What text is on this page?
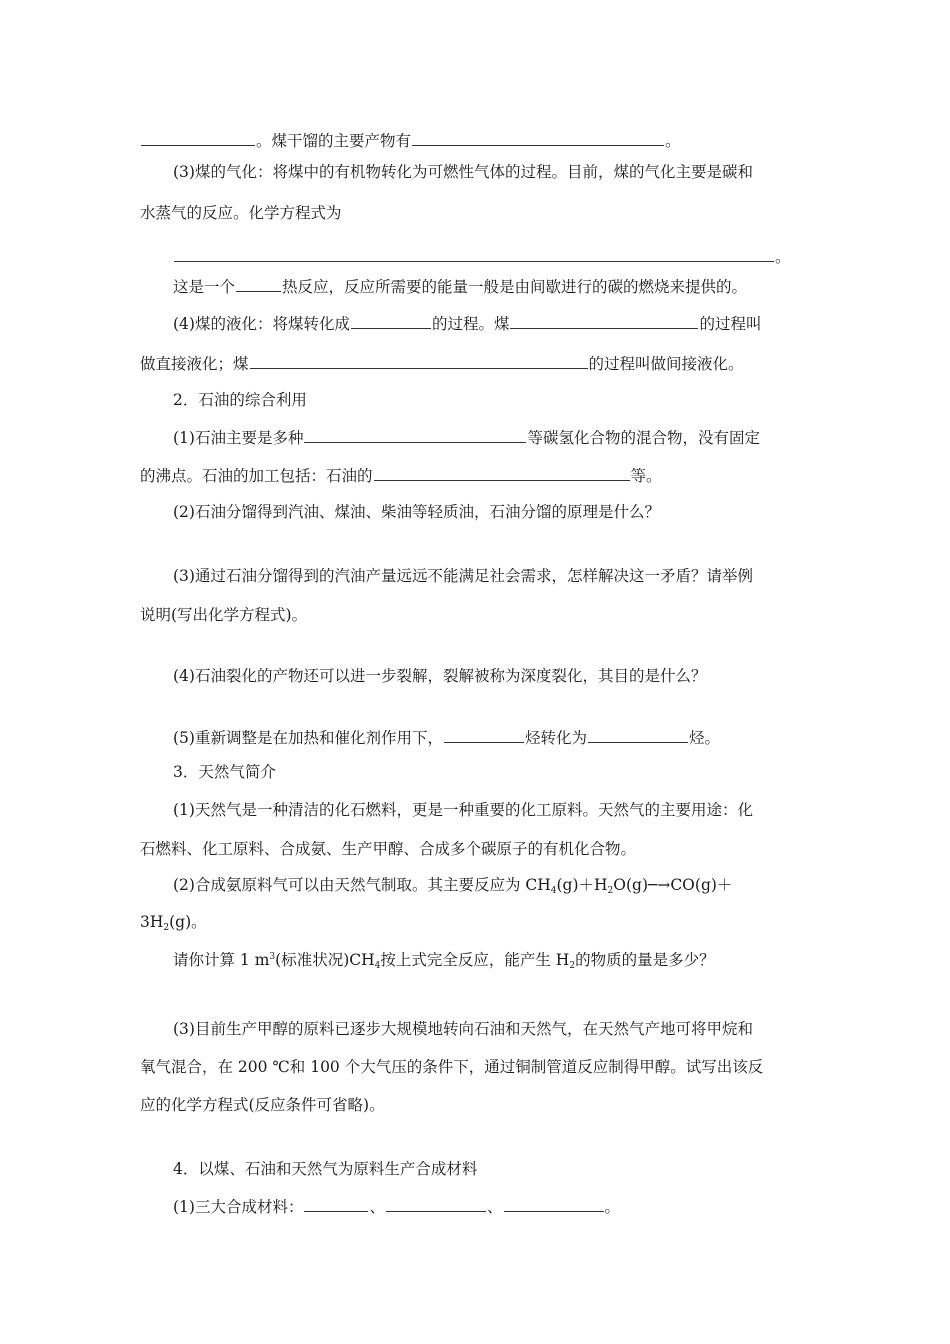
。煤干馏的主要产物有	。
(3)煤的气化：将煤中的有机物转化为可燃性气体的过程。目前，煤的气化主要是碳和
水蒸气的反应。化学方程式为
。
这是一个	热反应，反应所需要的能量一般是由间歇进行的碳的燃烧来提供的。
(4)煤的液化：将煤转化成	的过程。煤	的过程叫
做直接液化；煤	的过程叫做间接液化。
2．石油的综合利用
(1)石油主要是多种	等碳氢化合物的混合物，没有固定
的沸点。石油的加工包括：石油的	等。
(2)石油分馏得到汽油、煤油、柴油等轻质油，石油分馏的原理是什么？
(3)通过石油分馏得到的汽油产量远远不能满足社会需求，怎样解决这一矛盾？请举例
说明(写出化学方程式)。
(4)石油裂化的产物还可以进一步裂解，裂解被称为深度裂化，其目的是什么？
(5)重新调整是在加热和催化剂作用下，	烃转化为	烃。
3．天然气简介
(1)天然气是一种清洁的化石燃料，更是一种重要的化工原料。天然气的主要用途：化
石燃料、化工原料、合成氨、生产甲醇、合成多个碳原子的有机化合物。
(2)合成氨原料气可以由天然气制取。其主要反应为 $CH_4(g)+H_2O(g)─\to CO(g)+$
$3H_2(g)$。
请你计算 1 $m^3$(标准状况)$CH_4$按上式完全反应，能产生 $H_2$的物质的量是多少？
(3)目前生产甲醇的原料已逐步大规模地转向石油和天然气，在天然气产地可将甲烷和
氧气混合，在 200 ℃和 100 个大气压的条件下，通过铜制管道反应制得甲醇。试写出该反
应的化学方程式(反应条件可省略)。
4．以煤、石油和天然气为原料生产合成材料
(1)三大合成材料：	、	、	。
